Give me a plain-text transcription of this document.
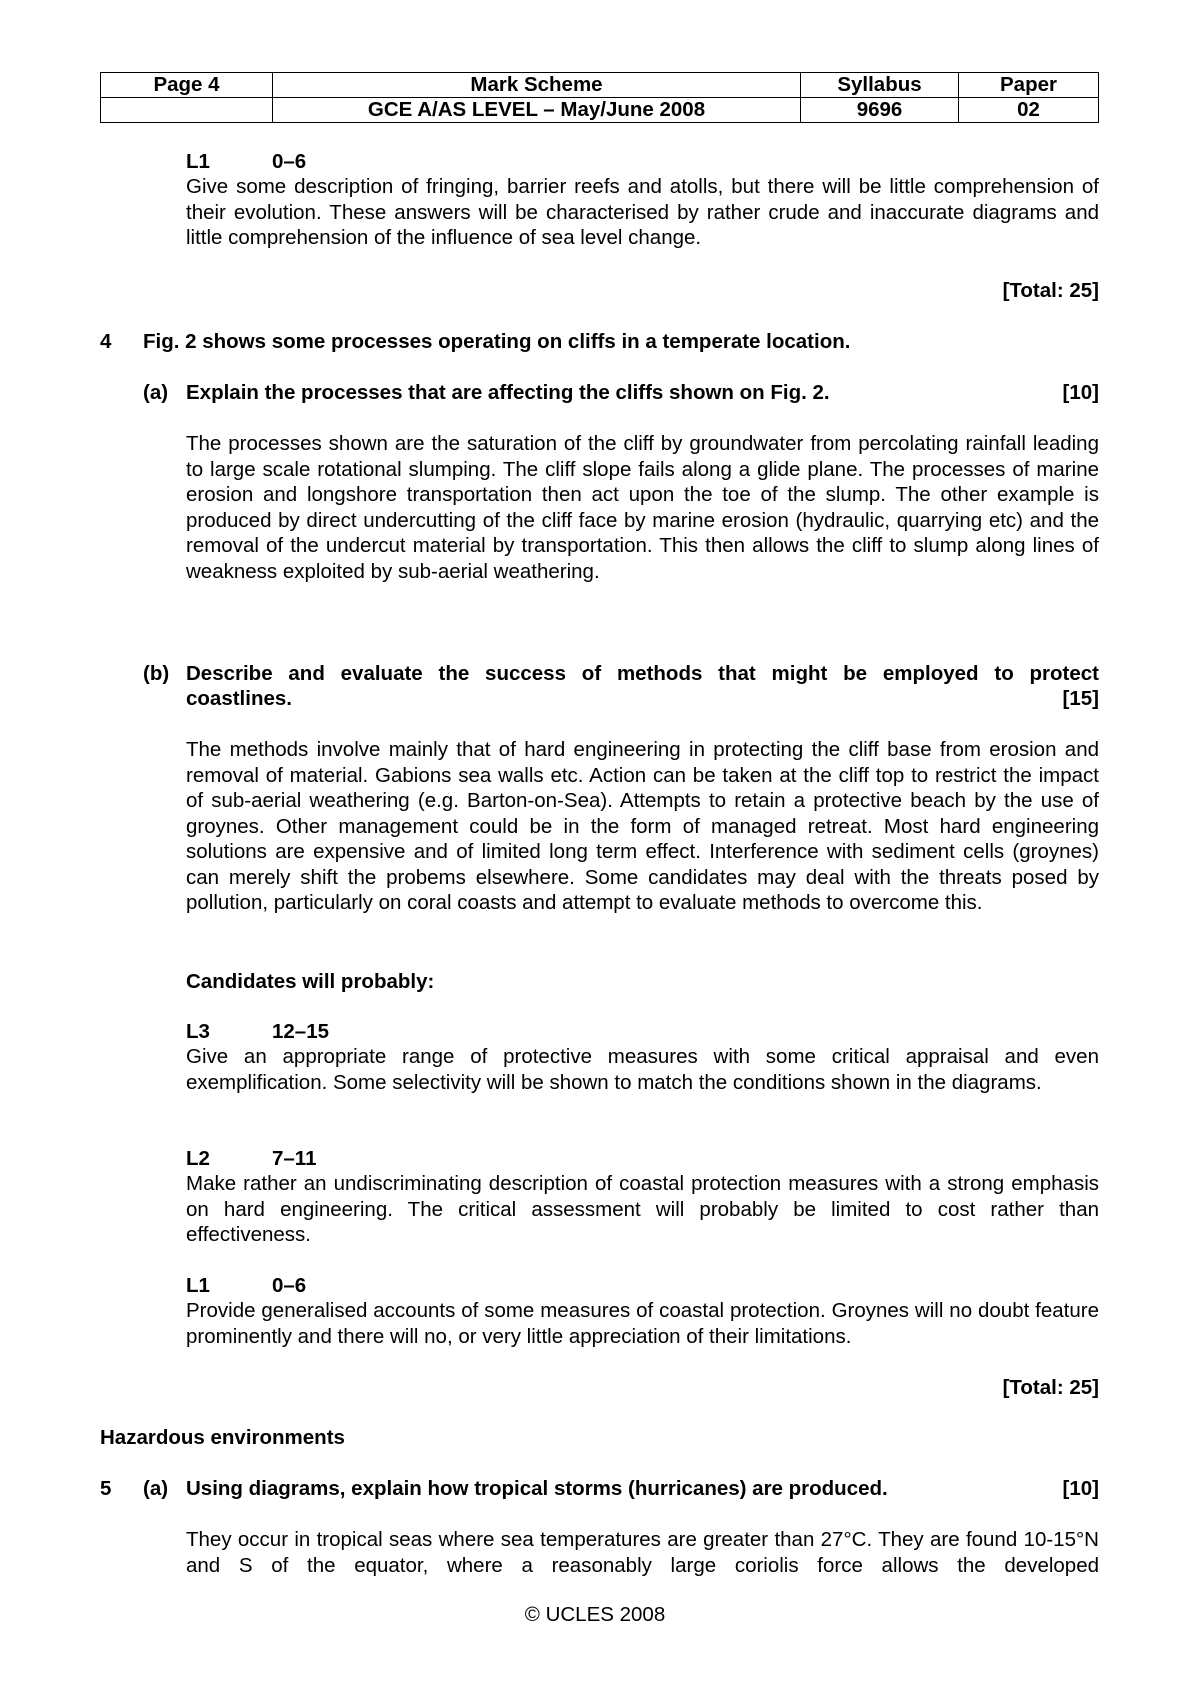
Page 4	Mark Scheme	Syllabus	Paper
	GCE A/AS LEVEL – May/June 2008	9696	02
L1	0–6
Give some description of fringing, barrier reefs and atolls, but there will be little comprehension of their evolution. These answers will be characterised by rather crude and inaccurate diagrams and little comprehension of the influence of sea level change.
[Total: 25]
4 Fig. 2 shows some processes operating on cliffs in a temperate location.
(a) Explain the processes that are affecting the cliffs shown on Fig. 2.	[10]
The processes shown are the saturation of the cliff by groundwater from percolating rainfall leading to large scale rotational slumping. The cliff slope fails along a glide plane. The processes of marine erosion and longshore transportation then act upon the toe of the slump. The other example is produced by direct undercutting of the cliff face by marine erosion (hydraulic, quarrying etc) and the removal of the undercut material by transportation. This then allows the cliff to slump along lines of weakness exploited by sub-aerial weathering.
(b) Describe and evaluate the success of methods that might be employed to protect
coastlines.	[15]
The methods involve mainly that of hard engineering in protecting the cliff base from erosion and removal of material. Gabions sea walls etc. Action can be taken at the cliff top to restrict the impact of sub-aerial weathering (e.g. Barton-on-Sea). Attempts to retain a protective beach by the use of groynes. Other management could be in the form of managed retreat. Most hard engineering solutions are expensive and of limited long term effect. Interference with sediment cells (groynes) can merely shift the probems elsewhere. Some candidates may deal with the threats posed by pollution, particularly on coral coasts and attempt to evaluate methods to overcome this.
Candidates will probably:
L3	12–15
Give an appropriate range of protective measures with some critical appraisal and even exemplification. Some selectivity will be shown to match the conditions shown in the diagrams.
L2	7–11
Make rather an undiscriminating description of coastal protection measures with a strong emphasis on hard engineering. The critical assessment will probably be limited to cost rather than effectiveness.
L1	0–6
Provide generalised accounts of some measures of coastal protection. Groynes will no doubt feature prominently and there will no, or very little appreciation of their limitations.
[Total: 25]
Hazardous environments
5 (a) Using diagrams, explain how tropical storms (hurricanes) are produced.	[10]
They occur in tropical seas where sea temperatures are greater than 27°C. They are found 10-15°N and S of the equator, where a reasonably large coriolis force allows the developed
© UCLES 2008
